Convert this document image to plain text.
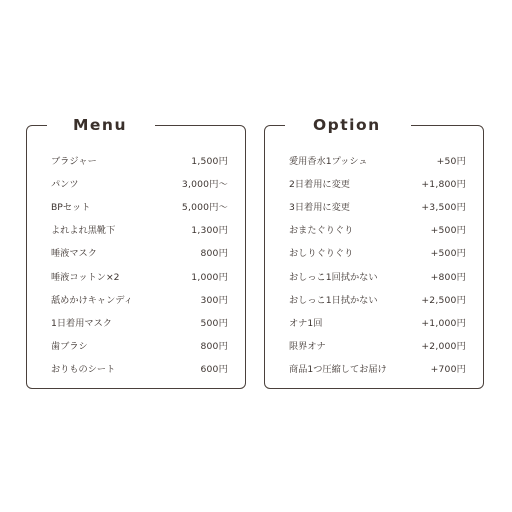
Menu
ブラジャー	1,500円
パンツ	3,000円〜
BPセット	5,000円〜
よれよれ黒靴下	1,300円
唾液マスク	800円
唾液コットン×2	1,000円
舐めかけキャンディ	300円
1日着用マスク	500円
歯ブラシ	800円
おりものシート	600円
Option
愛用香水1プッシュ	+50円
2日着用に変更	+1,800円
3日着用に変更	+3,500円
おまたぐりぐり	+500円
おしりぐりぐり	+500円
おしっこ1回拭かない	+800円
おしっこ1日拭かない	+2,500円
オナ1回	+1,000円
限界オナ	+2,000円
商品1つ圧縮してお届け	+700円
